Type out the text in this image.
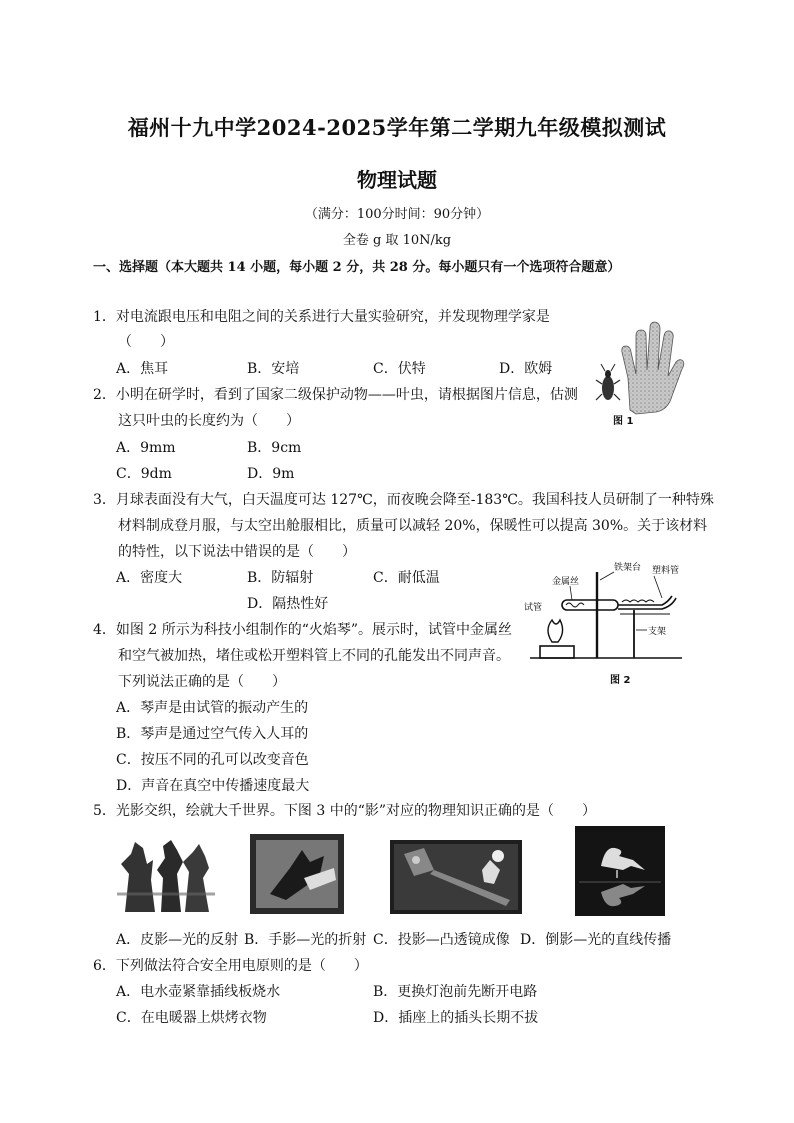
福州十九中学2024-2025学年第二学期九年级模拟测试
物理试题
（满分：100分时间：90分钟）
全卷 g 取 10N/kg
一、选择题（本大题共 14 小题，每小题 2 分，共 28 分。每小题只有一个选项符合题意）
1．对电流跟电压和电阻之间的关系进行大量实验研究，并发现物理学家是
（　　）
A．焦耳	B．安培	C．伏特	D．欧姆
图 1
2．小明在研学时，看到了国家二级保护动物——叶虫，请根据图片信息，估测
这只叶虫的长度约为（　　）
A．9mm	B．9cm
C．9dm	D．9m
3．月球表面没有大气，白天温度可达 127℃，而夜晚会降至-183℃。我国科技人员研制了一种特殊
材料制成登月服，与太空出舱服相比，质量可以减轻 20%，保暖性可以提高 30%。关于该材料
的特性，以下说法中错误的是（　　）
A．密度大	B．防辐射	C．耐低温
D．隔热性好
铁架台
金属丝
塑料管
试管
支架
图 2
4．如图 2 所示为科技小组制作的“火焰琴”。展示时，试管中金属丝
和空气被加热，堵住或松开塑料管上不同的孔能发出不同声音。
下列说法正确的是（　　）
A．琴声是由试管的振动产生的
B．琴声是通过空气传入人耳的
C．按压不同的孔可以改变音色
D．声音在真空中传播速度最大
5．光影交织，绘就大千世界。下图 3 中的“影”对应的物理知识正确的是（　　）
A．皮影—光的反射 B．手影—光的折射 C．投影—凸透镜成像 D．倒影—光的直线传播
6．下列做法符合安全用电原则的是（　　）
A．电水壶紧靠插线板烧水	B．更换灯泡前先断开电路
C．在电暖器上烘烤衣物	D．插座上的插头长期不拔
